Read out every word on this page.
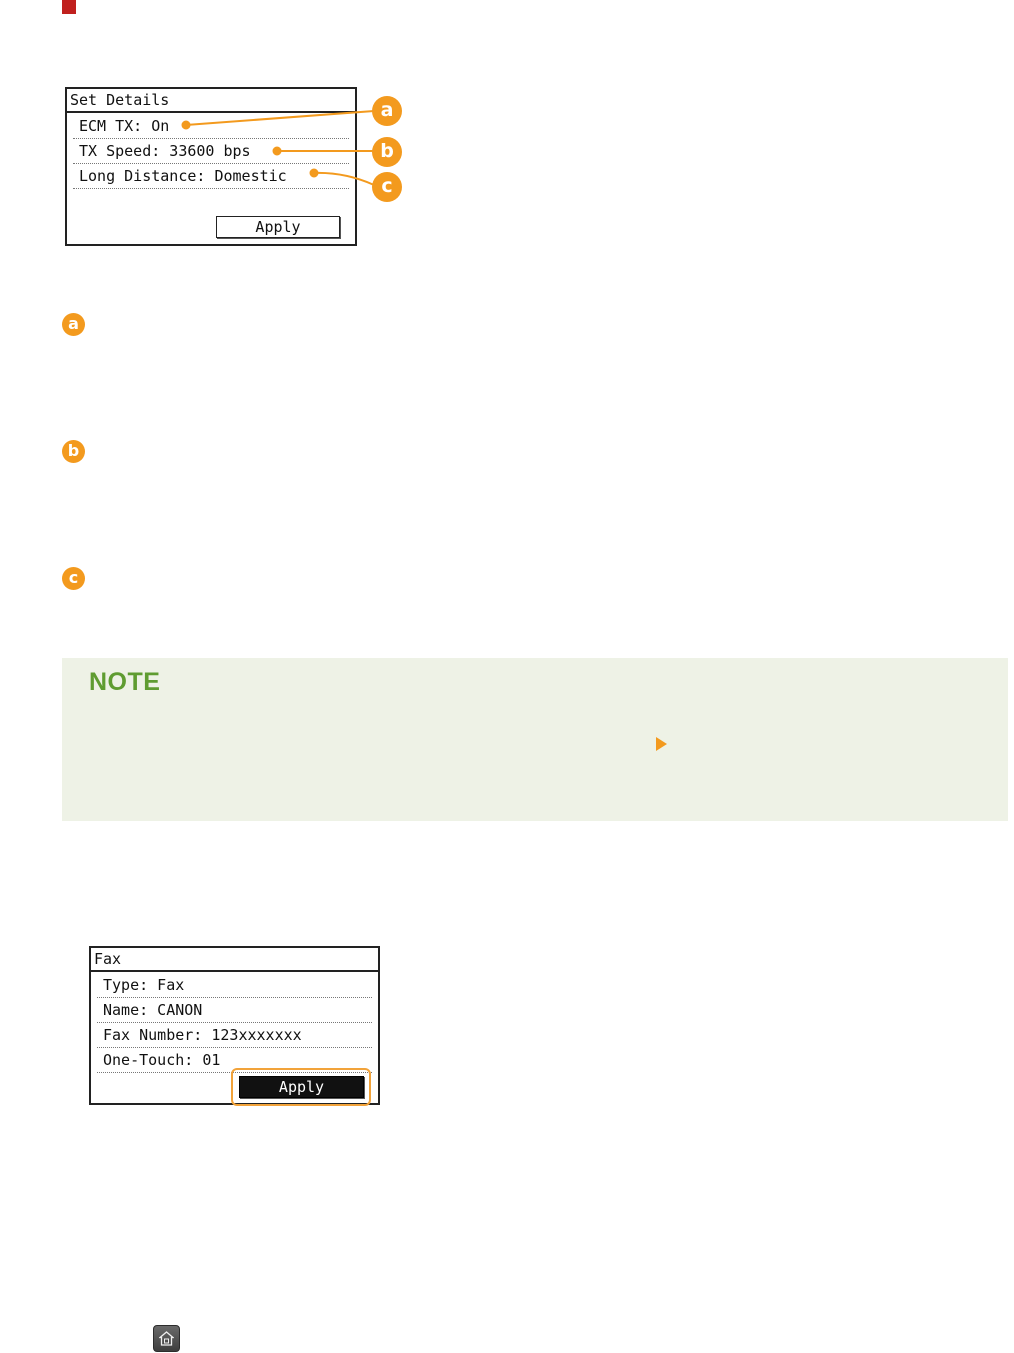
Set Details
ECM TX: On
TX Speed: 33600 bps
Long Distance: Domestic
Apply
a
b
c
a
b
c
NOTE
Fax
Type: Fax
Name: CANON
Fax Number: 123xxxxxxx
One-Touch: 01
Apply
